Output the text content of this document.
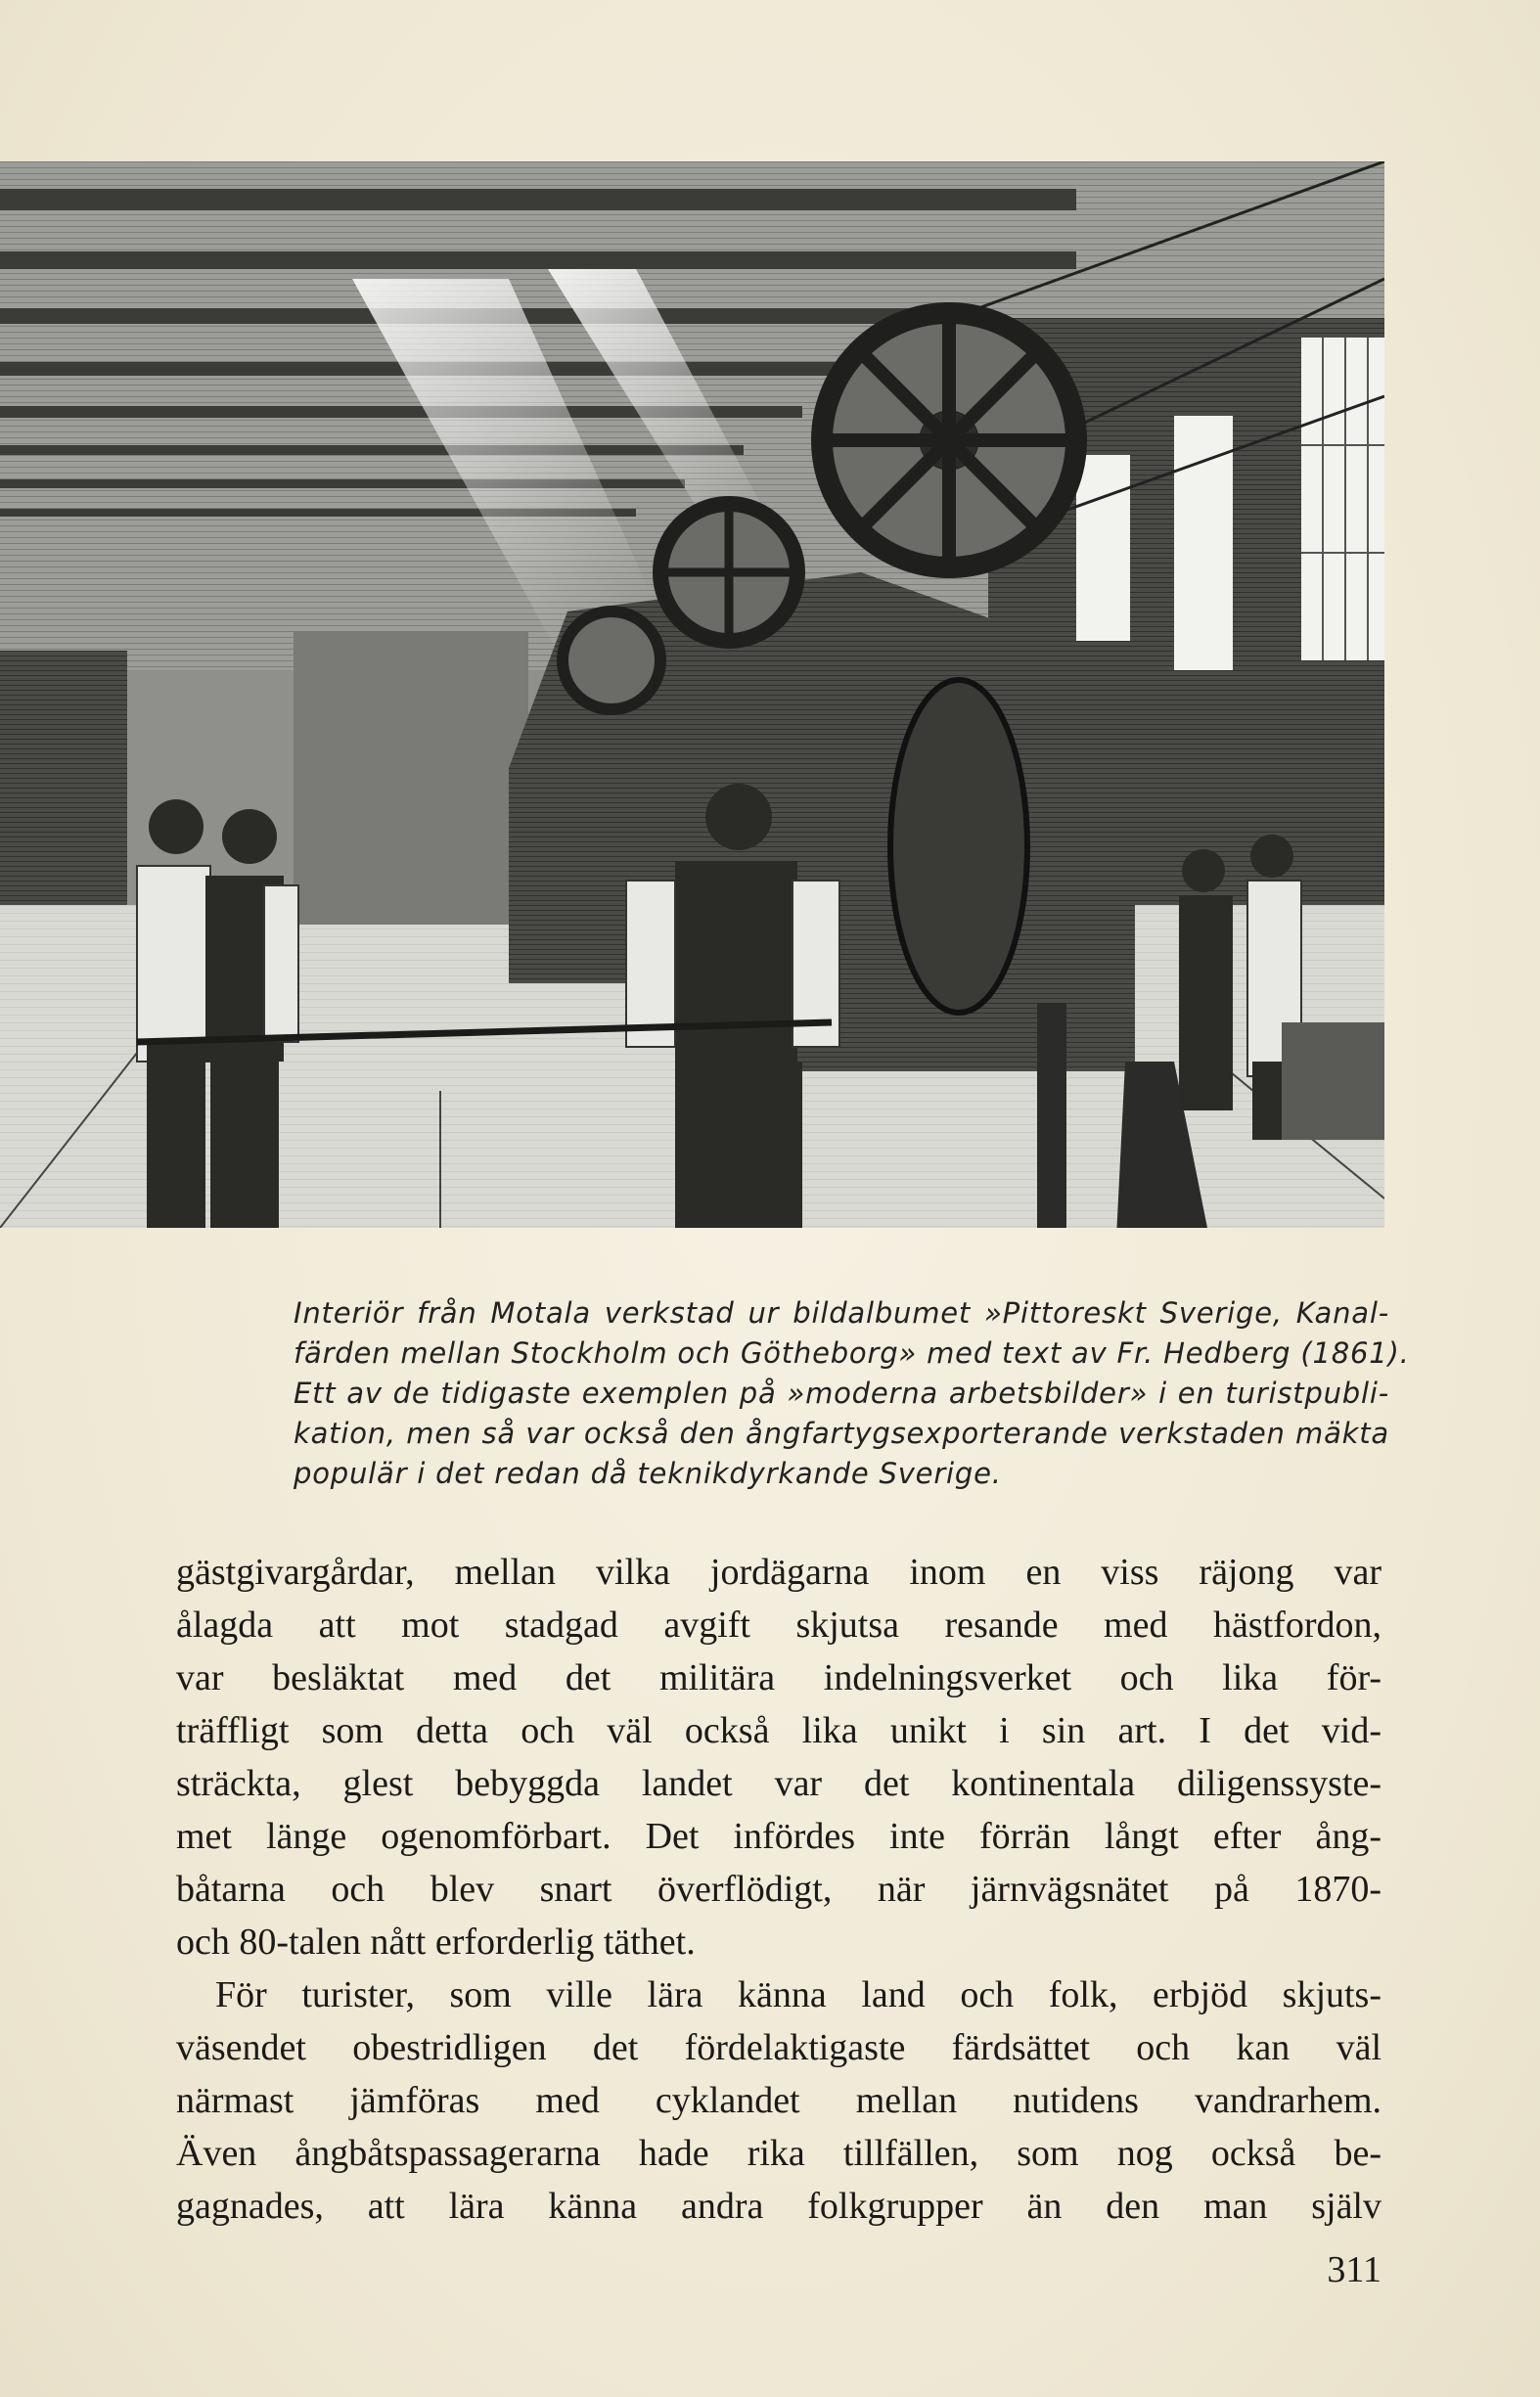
Interiör från Motala verkstad ur bildalbumet »Pittoreskt Sverige, Kanal-
färden mellan Stockholm och Götheborg» med text av Fr. Hedberg (1861).
Ett av de tidigaste exemplen på »moderna arbetsbilder» i en turistpubli-
kation, men så var också den ångfartygsexporterande verkstaden mäkta
populär i det redan då teknikdyrkande Sverige.

gästgivargårdar, mellan vilka jordägarna inom en viss räjong var
ålagda att mot stadgad avgift skjutsa resande med hästfordon,
var besläktat med det militära indelningsverket och lika för-
träffligt som detta och väl också lika unikt i sin art. I det vid-
sträckta, glest bebyggda landet var det kontinentala diligenssyste-
met länge ogenomförbart. Det infördes inte förrän långt efter ång-
båtarna och blev snart överflödigt, när järnvägsnätet på 1870-
och 80-talen nått erforderlig täthet.
För turister, som ville lära känna land och folk, erbjöd skjuts-
väsendet obestridligen det fördelaktigaste färdsättet och kan väl
närmast jämföras med cyklandet mellan nutidens vandrarhem.
Även ångbåtspassagerarna hade rika tillfällen, som nog också be-
gagnades, att lära känna andra folkgrupper än den man själv
311
